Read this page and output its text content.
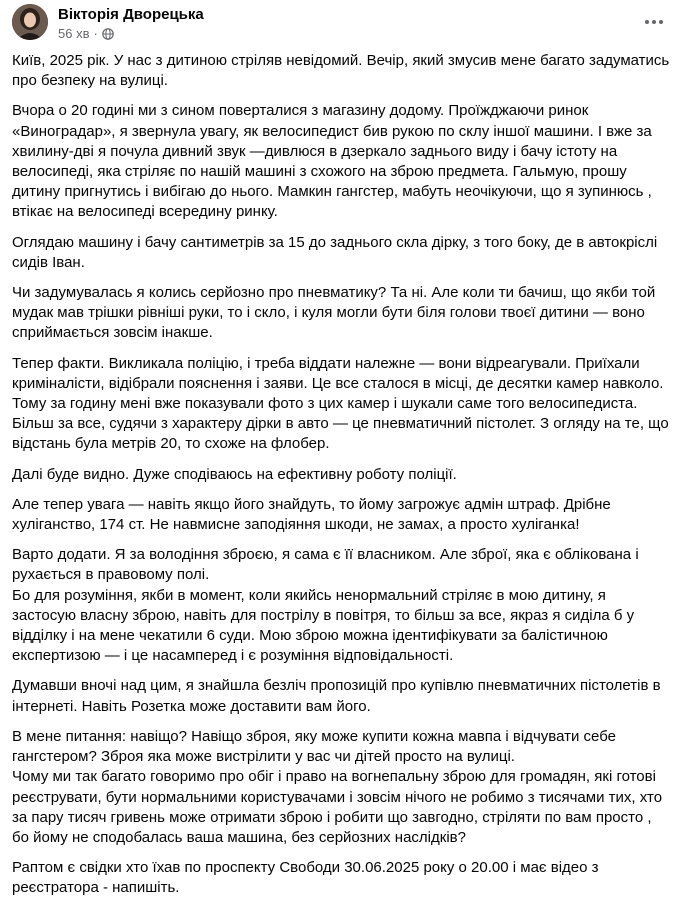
Вікторія Дворецька
56 хв ·

Київ, 2025 рік. У нас з дитиною стріляв невідомий. Вечір, який змусив мене багато задуматись
про безпеку на вулиці.

Вчора о 20 годині ми з сином поверталися з магазину додому. Проїжджаючи ринок
«Виноградар», я звернула увагу, як велосипедист бив рукою по склу іншої машини. І вже за
хвилину-дві я почула дивний звук —дивлюся в дзеркало заднього виду і бачу істоту на
велосипеді, яка стріляє по нашій машині з схожого на зброю предмета. Гальмую, прошу
дитину пригнутись і вибігаю до нього. Мамкин гангстер, мабуть неочікуючи, що я зупинюсь ,
втікає на велосипеді всередину ринку.

Оглядаю машину і бачу сантиметрів за 15 до заднього скла дірку, з того боку, де в автокрiслі
сидів Іван.

Чи задумувалась я колись серйозно про пневматику? Та ні. Але коли ти бачиш, що якби той
мудак мав трішки рівніші руки, то і скло, і куля могли бути біля голови твоєї дитини — воно
сприймається зовсім інакше.

Тепер факти. Викликала поліцію, і треба віддати належне — вони відреагували. Приїхали
криміналісти, відібрали пояснення і заяви. Це все сталося в місці, де десятки камер навколо.
Тому за годину мені вже показували фото з цих камер і шукали саме того велосипедиста.
Більш за все, судячи з характеру дірки в авто — це пневматичний пістолет. З огляду на те, що
відстань була метрів 20, то схоже на флобер.

Далі буде видно. Дуже сподіваюсь на ефективну роботу поліції.

Але тепер увага — навіть якщо його знайдуть, то йому загрожує адмін штраф. Дрібне
хуліганство, 174 ст. Не навмисне заподіяння шкоди, не замах, а просто хуліганка!

Варто додати. Я за володіння зброєю, я сама є її власником. Але зброї, яка є облікована і
рухається в правовому полі.
Бо для розуміння, якби в момент, коли якийсь ненормальний стріляє в мою дитину, я
застосую власну зброю, навіть для пострілу в повітря, то більш за все, якраз я сиділа б у
відділку і на мене чекатили 6 суди. Мою зброю можна ідентифікувати за балістичною
експертизою — і це насамперед і є розуміння відповідальності.

Думавши вночі над цим, я знайшла безліч пропозицій про купівлю пневматичних пістолетів в
інтернеті. Навіть Розетка може доставити вам його.

В мене питання: навіщо? Навіщо зброя, яку може купити кожна мавпа і відчувати себе
гангстером? Зброя яка може вистрілити у вас чи дітей просто на вулиці.
Чому ми так багато говоримо про обіг і право на вогнепальну зброю для громадян, які готові
реєструвати, бути нормальними користувачами і зовсім нічого не робимо з тисячами тих, хто
за пару тисяч гривень може отримати зброю і робити що завгодно, стріляти по вам просто ,
бо йому не сподобалась ваша машина, без серйозних наслідків?

Раптом є свідки хто їхав по проспекту Свободи 30.06.2025 року о 20.00 і має відео з
реєстратора - напишіть.
